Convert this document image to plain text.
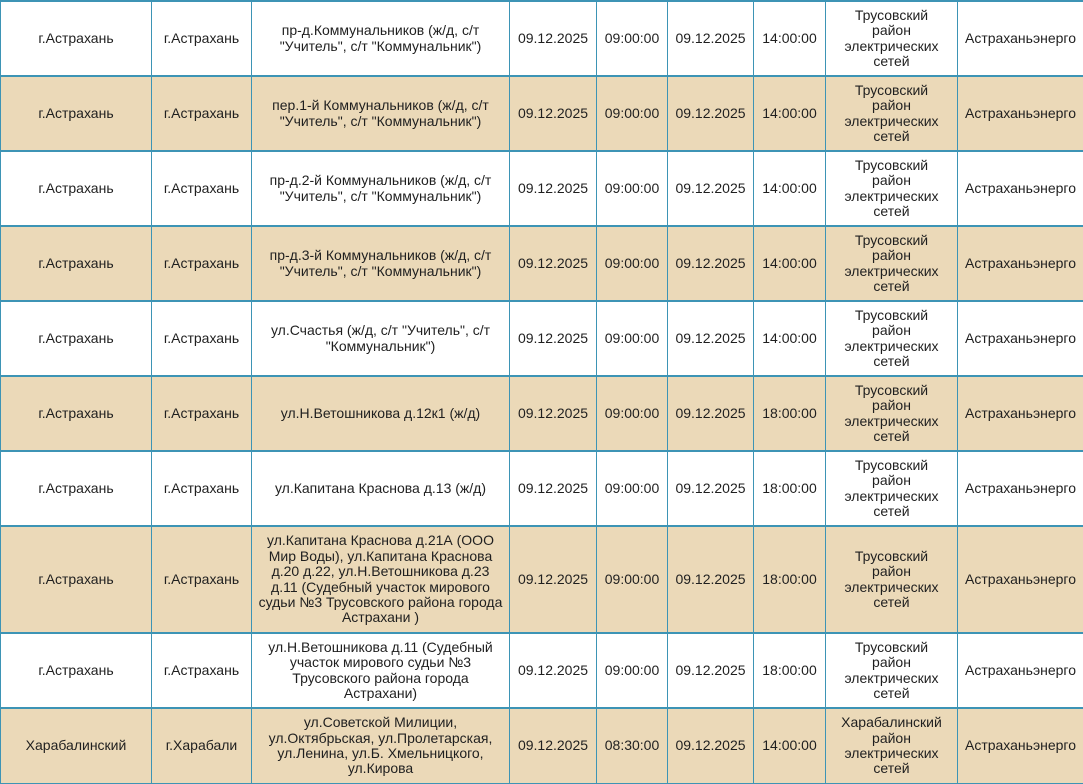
г.Астрахань	г.Астрахань	пр-д.Коммунальников (ж/д, с/т "Учитель", с/т "Коммунальник")	09.12.2025	09:00:00	09.12.2025	14:00:00	Трусовский район электрических сетей	Астраханьэнерго
г.Астрахань	г.Астрахань	пер.1-й Коммунальников (ж/д, с/т "Учитель", с/т "Коммунальник")	09.12.2025	09:00:00	09.12.2025	14:00:00	Трусовский район электрических сетей	Астраханьэнерго
г.Астрахань	г.Астрахань	пр-д.2-й Коммунальников (ж/д, с/т "Учитель", с/т "Коммунальник")	09.12.2025	09:00:00	09.12.2025	14:00:00	Трусовский район электрических сетей	Астраханьэнерго
г.Астрахань	г.Астрахань	пр-д.3-й Коммунальников (ж/д, с/т "Учитель", с/т "Коммунальник")	09.12.2025	09:00:00	09.12.2025	14:00:00	Трусовский район электрических сетей	Астраханьэнерго
г.Астрахань	г.Астрахань	ул.Счастья (ж/д, с/т "Учитель", с/т "Коммунальник")	09.12.2025	09:00:00	09.12.2025	14:00:00	Трусовский район электрических сетей	Астраханьэнерго
г.Астрахань	г.Астрахань	ул.Н.Ветошникова д.12к1 (ж/д)	09.12.2025	09:00:00	09.12.2025	18:00:00	Трусовский район электрических сетей	Астраханьэнерго
г.Астрахань	г.Астрахань	ул.Капитана Краснова д.13 (ж/д)	09.12.2025	09:00:00	09.12.2025	18:00:00	Трусовский район электрических сетей	Астраханьэнерго
г.Астрахань	г.Астрахань	ул.Капитана Краснова д.21А (ООО Мир Воды), ул.Капитана Краснова д.20 д.22, ул.Н.Ветошникова д.23 д.11 (Судебный участок мирового судьи №3 Трусовского района города Астрахани )	09.12.2025	09:00:00	09.12.2025	18:00:00	Трусовский район электрических сетей	Астраханьэнерго
г.Астрахань	г.Астрахань	ул.Н.Ветошникова д.11 (Судебный участок мирового судьи №3 Трусовского района города Астрахани)	09.12.2025	09:00:00	09.12.2025	18:00:00	Трусовский район электрических сетей	Астраханьэнерго
Харабалинский	г.Харабали	ул.Советской Милиции, ул.Октябрьская, ул.Пролетарская, ул.Ленина, ул.Б. Хмельницкого, ул.Кирова	09.12.2025	08:30:00	09.12.2025	14:00:00	Харабалинский район электрических сетей	Астраханьэнерго
